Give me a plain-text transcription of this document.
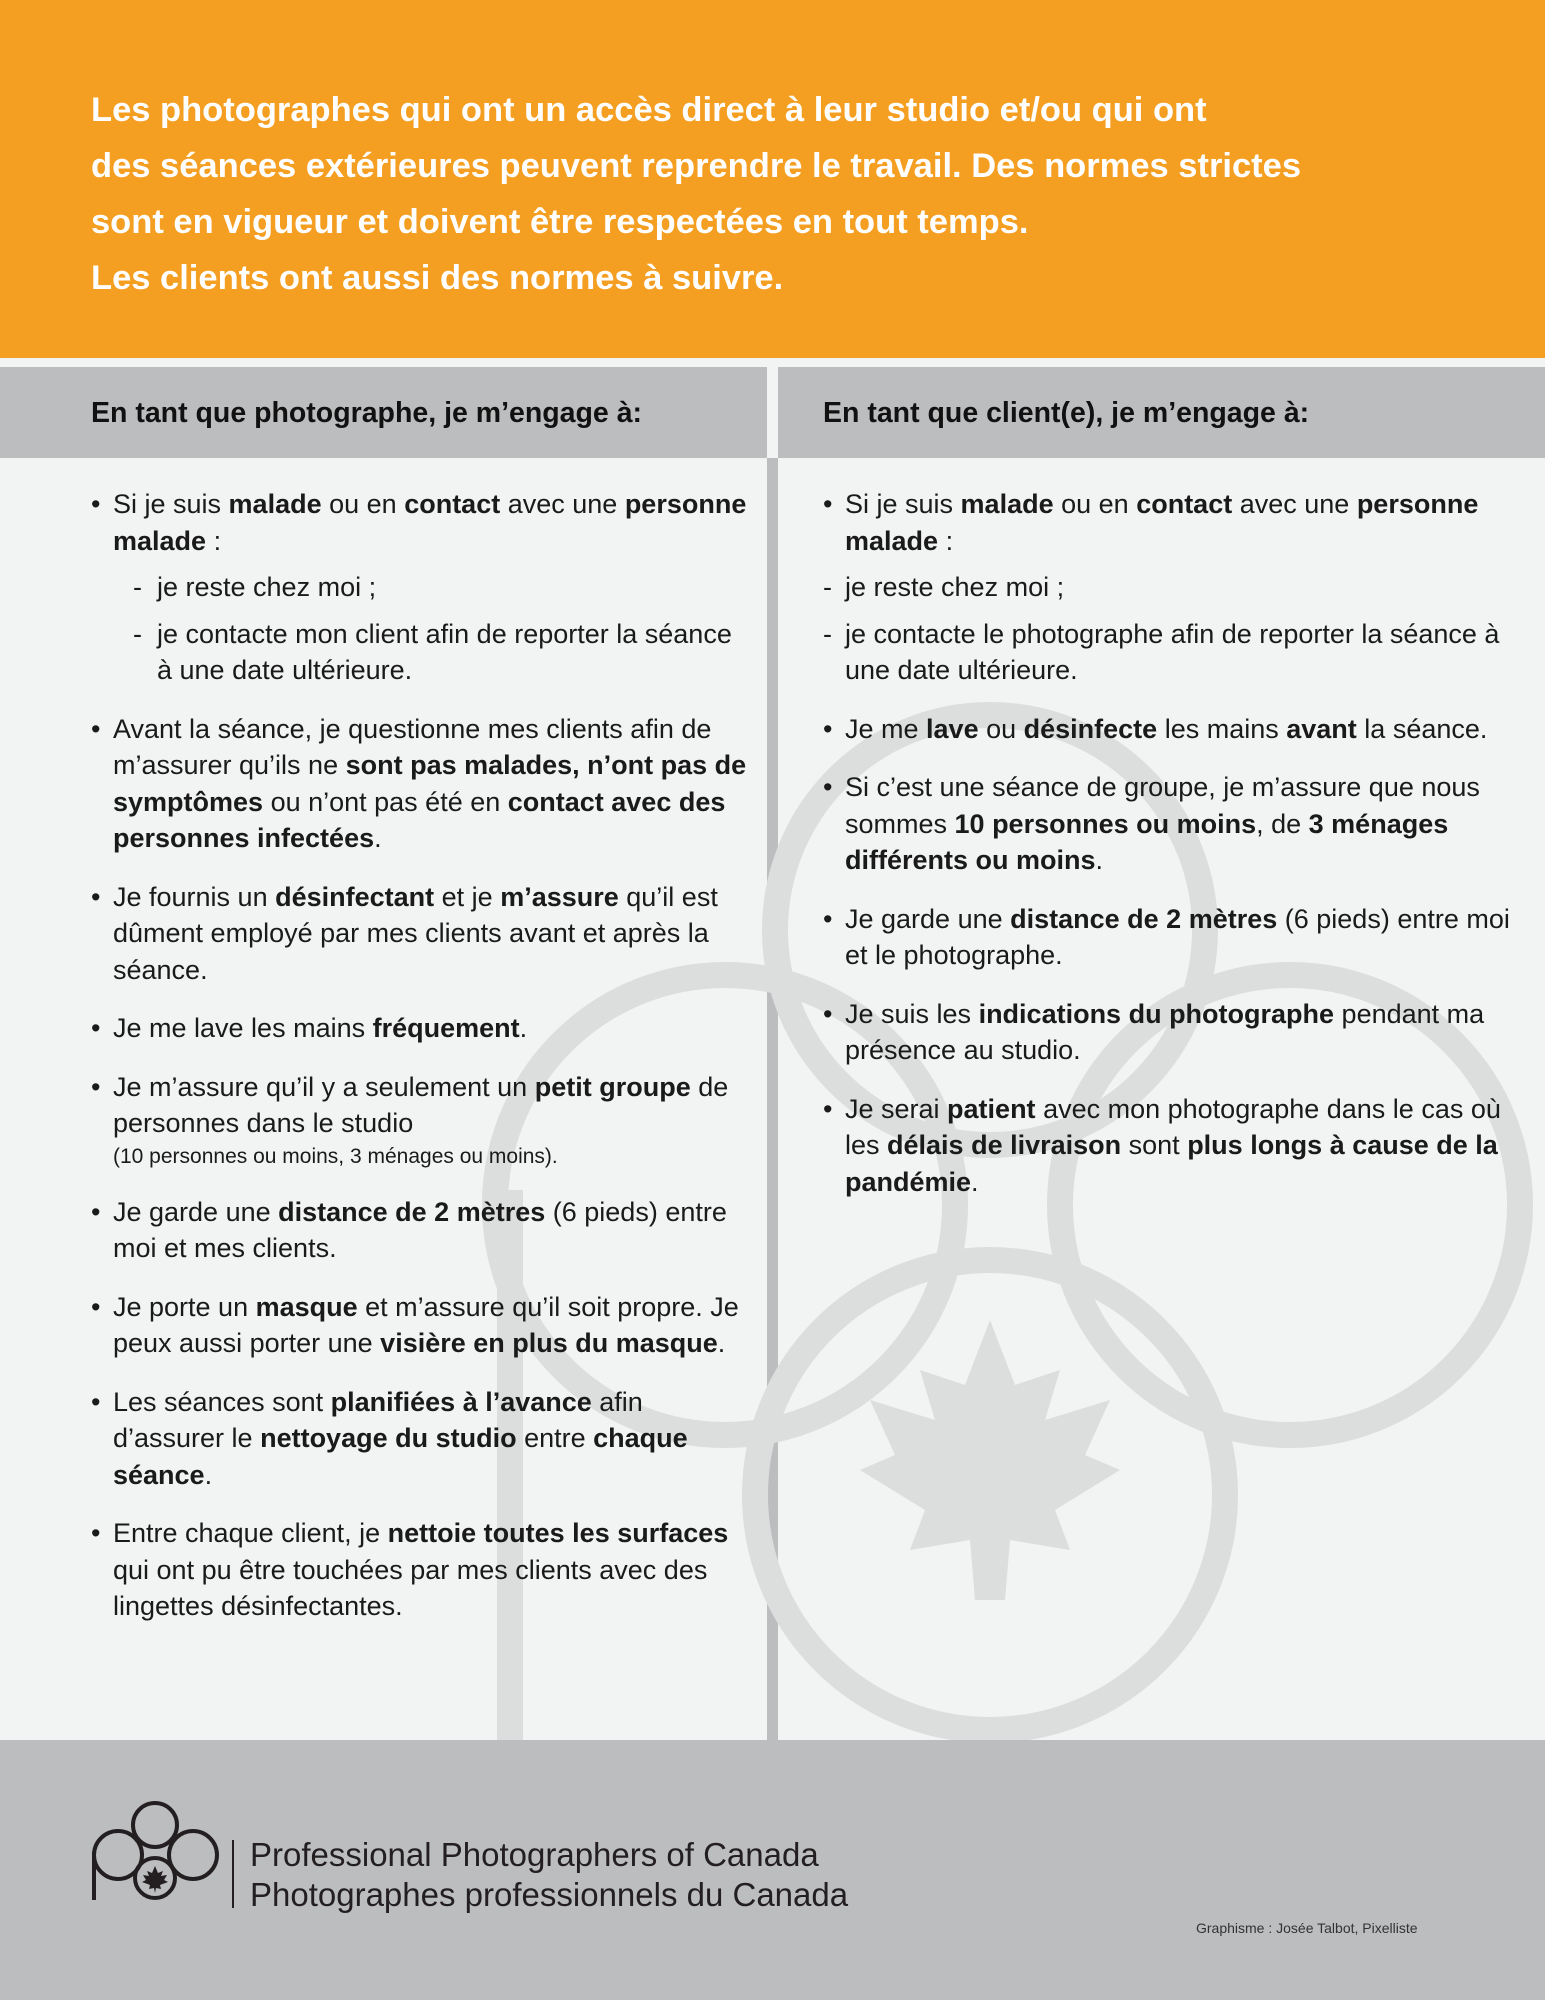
Les photographes qui ont un accès direct à leur studio et/ou qui ont

des séances extérieures peuvent reprendre le travail. Des normes strictes

sont en vigueur et doivent être respectées en tout temps.

Les clients ont aussi des normes à suivre.

En tant que photographe, je m’engage à:	En tant que client(e), je m’engage à:
• Si je suis malade ou en contact avec une personne malade :
- je reste chez moi ;
- je contacte mon client afin de reporter la séance à une date ultérieure.
• Avant la séance, je questionne mes clients afin de m’assurer qu’ils ne sont pas malades, n’ont pas de symptômes ou n’ont pas été en contact avec des personnes infectées.
• Je fournis un désinfectant et je m’assure qu’il est dûment employé par mes clients avant et après la séance.
• Je me lave les mains fréquement.
• Je m’assure qu’il y a seulement un petit groupe de personnes dans le studio
(10 personnes ou moins, 3 ménages ou moins).
• Je garde une distance de 2 mètres (6 pieds) entre moi et mes clients.
• Je porte un masque et m’assure qu’il soit propre. Je peux aussi porter une visière en plus du masque.
• Les séances sont planifiées à l’avance afin d’assurer le nettoyage du studio entre chaque séance.
• Entre chaque client, je nettoie toutes les surfaces qui ont pu être touchées par mes clients avec des lingettes désinfectantes.
• Si je suis malade ou en contact avec une personne malade :
- je reste chez moi ;
- je contacte le photographe afin de reporter la séance à une date ultérieure.
• Je me lave ou désinfecte les mains avant la séance.
• Si c’est une séance de groupe, je m’assure que nous sommes 10 personnes ou moins, de 3 ménages différents ou moins.
• Je garde une distance de 2 mètres (6 pieds) entre moi et le photographe.
• Je suis les indications du photographe pendant ma présence au studio.
• Je serai patient avec mon photographe dans le cas où les délais de livraison sont plus longs à cause de la pandémie.
Professional Photographers of Canada
Photographes professionnels du Canada
Graphisme : Josée Talbot, Pixelliste
